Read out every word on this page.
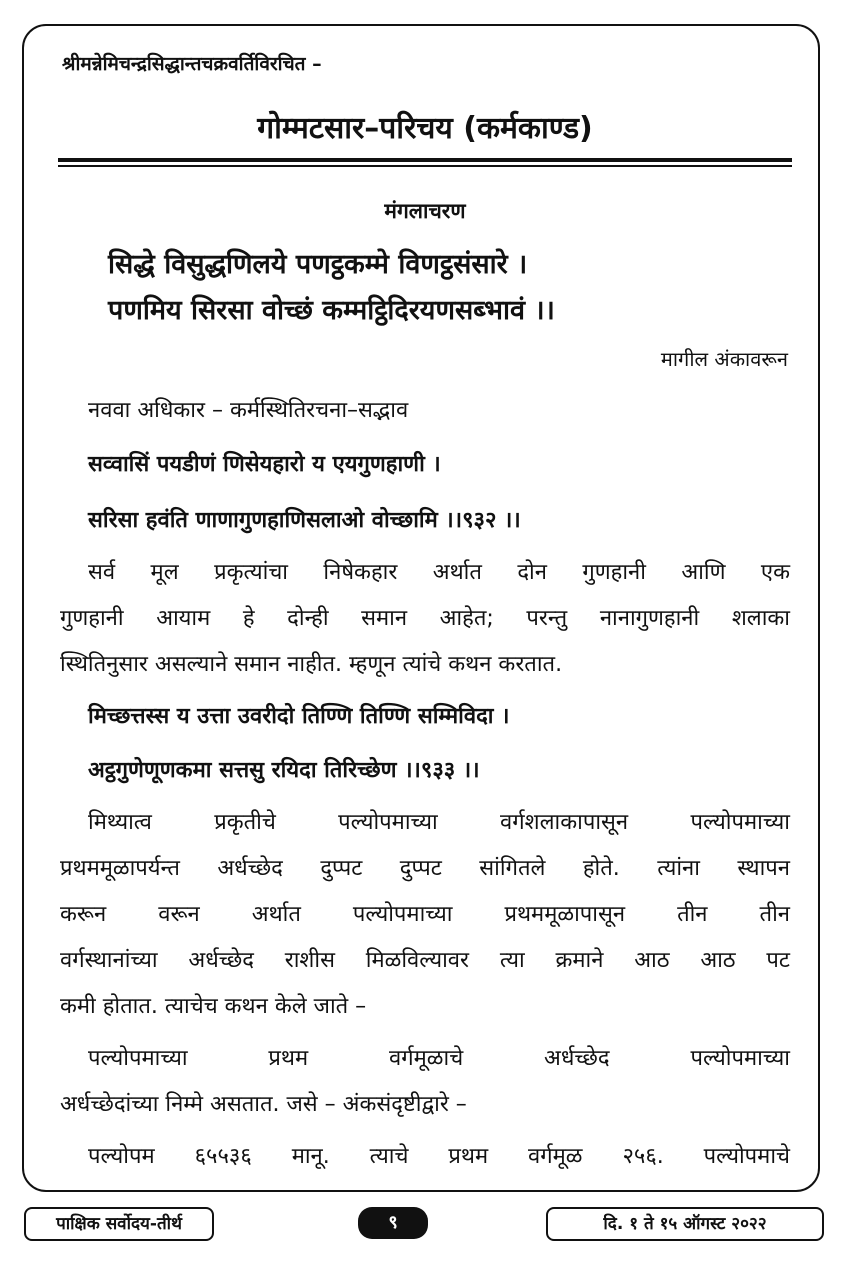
श्रीमन्नेमिचन्द्रसिद्धान्तचक्रवर्तिविरचित –
गोम्मटसार–परिचय (कर्मकाण्ड)
मंगलाचरण
सिद्धे विसुद्धणिलये पणट्ठकम्मे विणट्ठसंसारे ।
पणमिय सिरसा वोच्छं कम्मट्ठिदिरयणसब्भावं ।।
मागील अंकावरून
नववा अधिकार – कर्मस्थितिरचना–सद्भाव
सव्वासिं पयडीणं णिसेयहारो य एयगुणहाणी ।
सरिसा हवंति णाणागुणहाणिसलाओ वोच्छामि ।।९३२ ।।
सर्व मूल प्रकृत्यांचा निषेकहार अर्थात दोन गुणहानी आणि एक
गुणहानी आयाम हे दोन्ही समान आहेत; परन्तु नानागुणहानी शलाका
स्थितिनुसार असल्याने समान नाहीत. म्हणून त्यांचे कथन करतात.
मिच्छत्तस्स य उत्ता उवरीदो तिण्णि तिण्णि सम्मिविदा ।
अट्ठगुणेणूणकमा सत्तसु रयिदा तिरिच्छेण ।।९३३ ।।
मिथ्यात्व प्रकृतीचे पल्योपमाच्या वर्गशलाकापासून पल्योपमाच्या
प्रथममूळापर्यन्त अर्धच्छेद दुप्पट दुप्पट सांगितले होते. त्यांना स्थापन
करून वरून अर्थात पल्योपमाच्या प्रथममूळापासून तीन तीन
वर्गस्थानांच्या अर्धच्छेद राशीस मिळविल्यावर त्या क्रमाने आठ आठ पट
कमी होतात. त्याचेच कथन केले जाते –
पल्योपमाच्या प्रथम वर्गमूळाचे अर्धच्छेद पल्योपमाच्या
अर्धच्छेदांच्या निम्मे असतात. जसे – अंकसंदृष्टीद्वारे –
पल्योपम ६५५३६ मानू. त्याचे प्रथम वर्गमूळ २५६. पल्योपमाचे
पाक्षिक सर्वोदय-तीर्थ	९	दि. १ ते १५ ऑगस्ट २०२२
